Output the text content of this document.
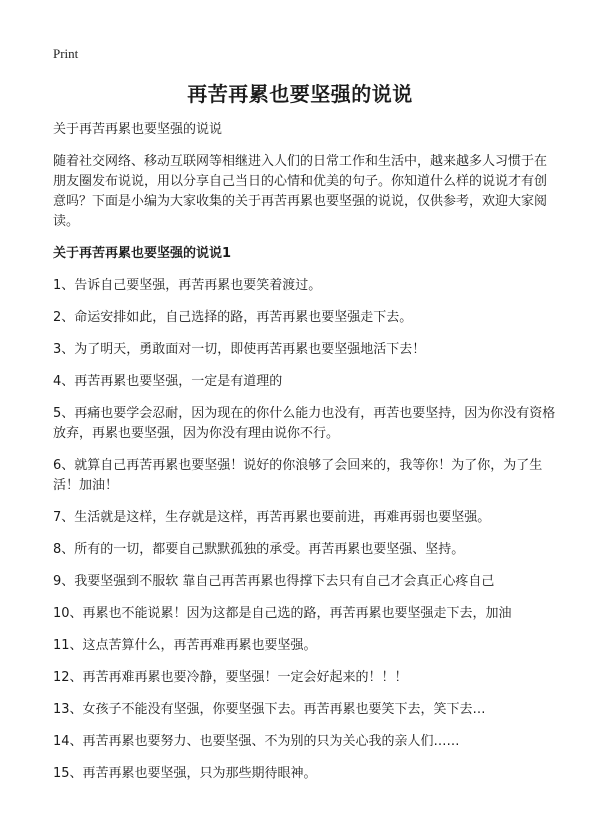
Print
再苦再累也要坚强的说说

关于再苦再累也要坚强的说说

随着社交网络、移动互联网等相继进入人们的日常工作和生活中，越来越多人习惯于在朋友圈发布说说，用以分享自己当日的心情和优美的句子。你知道什么样的说说才有创意吗？下面是小编为大家收集的关于再苦再累也要坚强的说说，仅供参考，欢迎大家阅读。

关于再苦再累也要坚强的说说1

1、告诉自己要坚强，再苦再累也要笑着渡过。
2、命运安排如此，自己选择的路，再苦再累也要坚强走下去。
3、为了明天，勇敢面对一切，即使再苦再累也要坚强地活下去！
4、再苦再累也要坚强，一定是有道理的
5、再痛也要学会忍耐，因为现在的你什么能力也没有，再苦也要坚持，因为你没有资格放弃，再累也要坚强，因为你没有理由说你不行。
6、就算自己再苦再累也要坚强！说好的你浪够了会回来的，我等你！为了你，为了生活！加油！
7、生活就是这样，生存就是这样，再苦再累也要前进，再难再弱也要坚强。
8、所有的一切，都要自己默默孤独的承受。再苦再累也要坚强、坚持。
9、我要坚强到不服软 靠自己再苦再累也得撑下去只有自己才会真正心疼自己
10、再累也不能说累！因为这都是自己选的路，再苦再累也要坚强走下去，加油
11、这点苦算什么，再苦再难再累也要坚强。
12、再苦再难再累也要冷静，要坚强！一定会好起来的！！！
13、女孩子不能没有坚强，你要坚强下去。再苦再累也要笑下去，笑下去…
14、再苦再累也要努力、也要坚强、不为别的只为关心我的亲人们……
15、再苦再累也要坚强，只为那些期待眼神。
